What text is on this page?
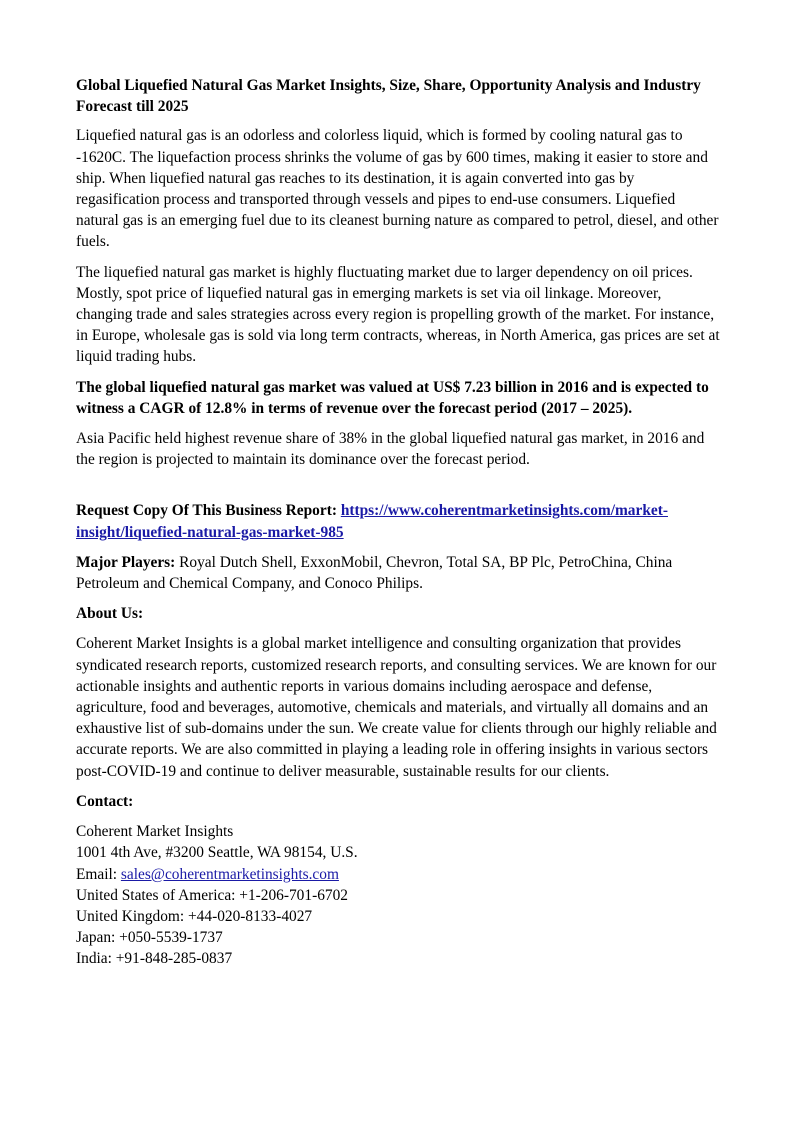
Global Liquefied Natural Gas Market Insights, Size, Share, Opportunity Analysis and Industry Forecast till 2025

Liquefied natural gas is an odorless and colorless liquid, which is formed by cooling natural gas to -1620C. The liquefaction process shrinks the volume of gas by 600 times, making it easier to store and ship. When liquefied natural gas reaches to its destination, it is again converted into gas by regasification process and transported through vessels and pipes to end-use consumers. Liquefied natural gas is an emerging fuel due to its cleanest burning nature as compared to petrol, diesel, and other fuels.

The liquefied natural gas market is highly fluctuating market due to larger dependency on oil prices. Mostly, spot price of liquefied natural gas in emerging markets is set via oil linkage. Moreover, changing trade and sales strategies across every region is propelling growth of the market. For instance, in Europe, wholesale gas is sold via long term contracts, whereas, in North America, gas prices are set at liquid trading hubs.

The global liquefied natural gas market was valued at US$ 7.23 billion in 2016 and is expected to witness a CAGR of 12.8% in terms of revenue over the forecast period (2017 – 2025).

Asia Pacific held highest revenue share of 38% in the global liquefied natural gas market, in 2016 and the region is projected to maintain its dominance over the forecast period.

Request Copy Of This Business Report: https://www.coherentmarketinsights.com/market-insight/liquefied-natural-gas-market-985

Major Players: Royal Dutch Shell, ExxonMobil, Chevron, Total SA, BP Plc, PetroChina, China Petroleum and Chemical Company, and Conoco Philips.

About Us:

Coherent Market Insights is a global market intelligence and consulting organization that provides syndicated research reports, customized research reports, and consulting services. We are known for our actionable insights and authentic reports in various domains including aerospace and defense, agriculture, food and beverages, automotive, chemicals and materials, and virtually all domains and an exhaustive list of sub-domains under the sun. We create value for clients through our highly reliable and accurate reports. We are also committed in playing a leading role in offering insights in various sectors post-COVID-19 and continue to deliver measurable, sustainable results for our clients.

Contact:

Coherent Market Insights
1001 4th Ave, #3200 Seattle, WA 98154, U.S.
Email: sales@coherentmarketinsights.com
United States of America: +1-206-701-6702
United Kingdom: +44-020-8133-4027
Japan: +050-5539-1737
India: +91-848-285-0837
